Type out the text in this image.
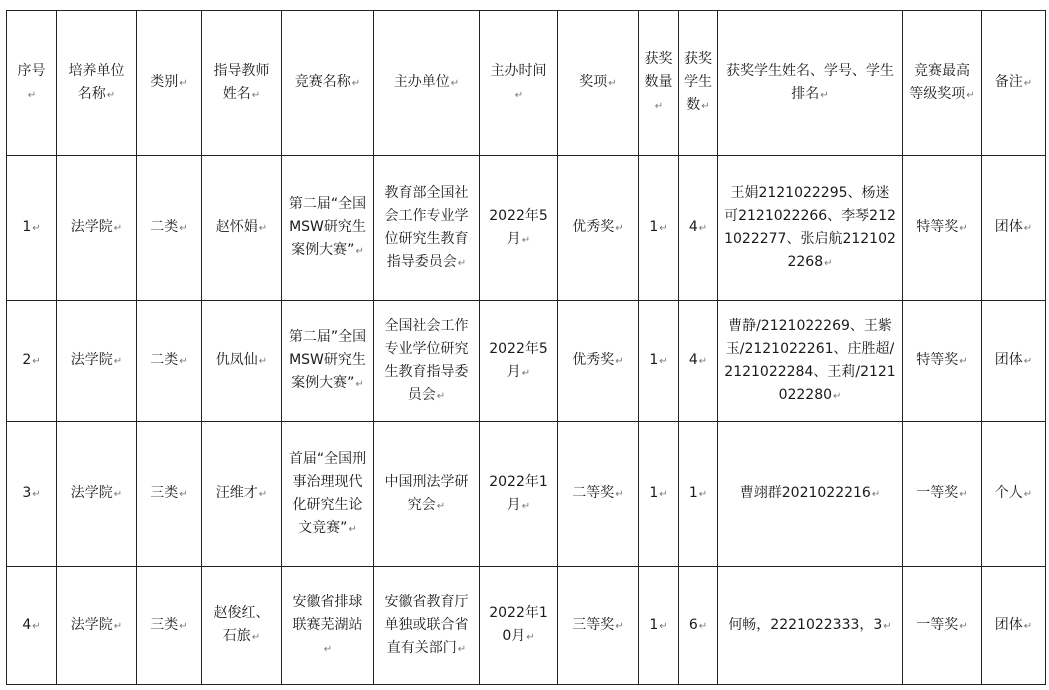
序号↵	培养单位名称↵	类别↵	指导教师姓名↵	竞赛名称↵	主办单位↵	主办时间↵	奖项↵	获奖数量↵	获奖学生数↵	获奖学生姓名、学号、学生排名↵	竞赛最高等级奖项↵	备注↵
1↵	法学院↵	二类↵	赵怀娟↵	第二届“全国MSW研究生案例大赛”↵	教育部全国社会工作专业学位研究生教育指导委员会↵	2022年5月↵	优秀奖↵	1↵	4↵	王娟2121022295、杨迷可2121022266、李琴2121022277、张启航2121022268↵	特等奖↵	团体↵
2↵	法学院↵	二类↵	仇凤仙↵	第二届”全国MSW研究生案例大赛”↵	全国社会工作专业学位研究生教育指导委员会↵	2022年5月↵	优秀奖↵	1↵	4↵	曹静/2121022269、王紫玉/2121022261、庄胜超/2121022284、王莉/2121022280↵	特等奖↵	团体↵
3↵	法学院↵	三类↵	汪维才↵	首届“全国刑事治理现代化研究生论文竞赛”↵	中国刑法学研究会↵	2022年1月↵	二等奖↵	1↵	1↵	曹翊群2021022216↵	一等奖↵	个人↵
4↵	法学院↵	三类↵	赵俊红、石旅↵	安徽省排球联赛芜湖站↵	安徽省教育厅单独或联合省直有关部门↵	2022年10月↵	三等奖↵	1↵	6↵	何畅，2221022333，3↵	一等奖↵	团体↵
